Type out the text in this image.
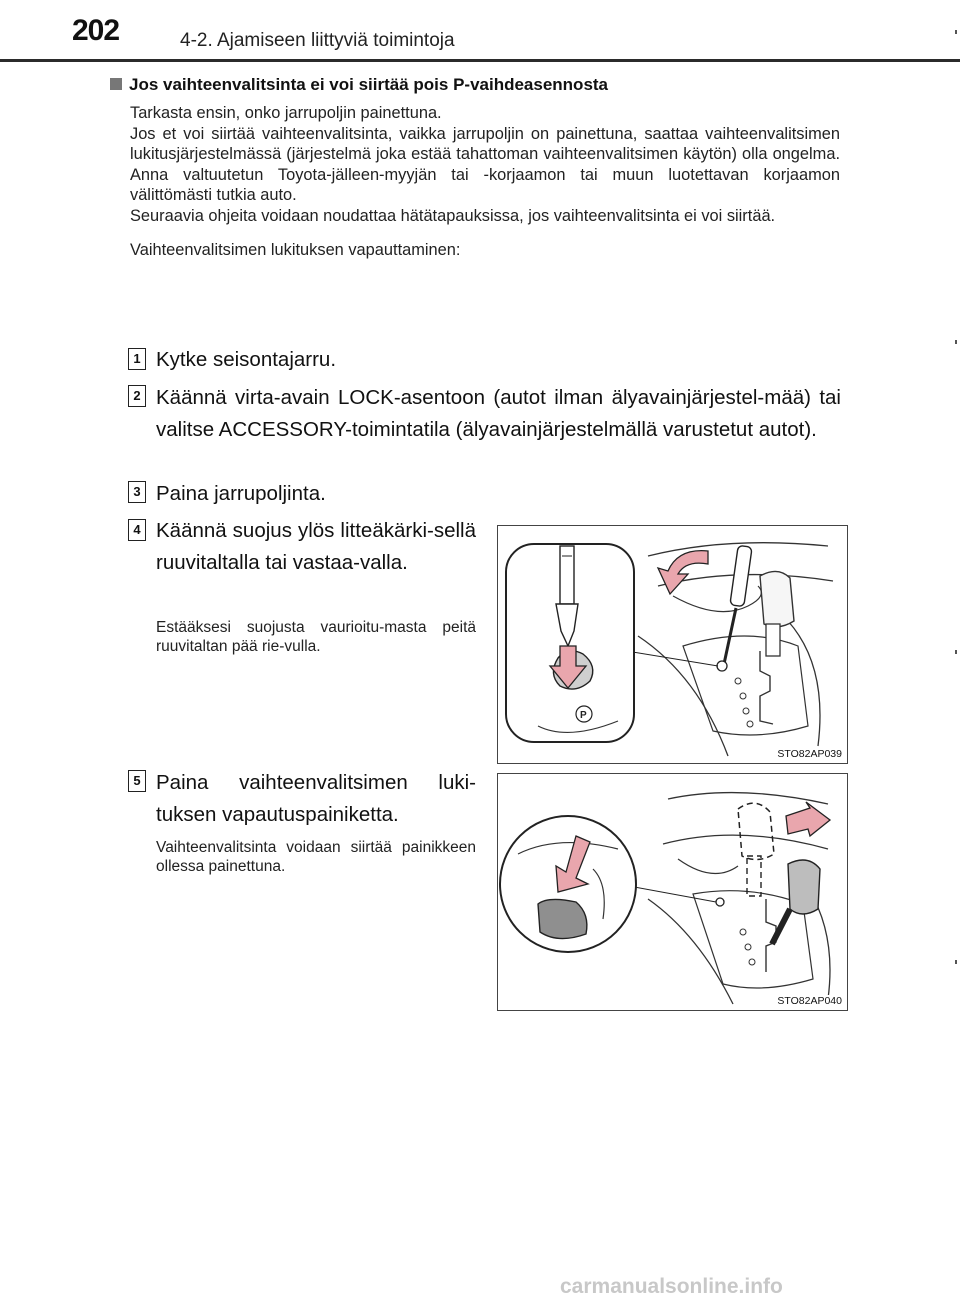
202	4-2. Ajamiseen liittyviä toimintoja
Jos vaihteenvalitsinta ei voi siirtää pois P-vaihdeasennosta

Tarkasta ensin, onko jarrupoljin painettuna.

Jos et voi siirtää vaihteenvalitsinta, vaikka jarrupoljin on painettuna, saattaa vaihteenvalitsimen lukitusjärjestelmässä (järjestelmä joka estää tahattoman vaihteenvalitsimen käytön) olla ongelma. Anna valtuutetun Toyota-jälleen-myyjän tai -korjaamon tai muun luotettavan korjaamon välittömästi tutkia auto.

Seuraavia ohjeita voidaan noudattaa hätätapauksissa, jos vaihteenvalitsinta ei voi siirtää.

Vaihteenvalitsimen lukituksen vapauttaminen:

1 Kytke seisontajarru.
2 Käännä virta-avain LOCK-asentoon (autot ilman älyavainjärjestel-mää) tai valitse ACCESSORY-toimintatila (älyavainjärjestelmällä varustetut autot).
3 Paina jarrupoljinta.
4 Käännä suojus ylös litteäkärki-sellä ruuvitaltalla tai vastaa-valla.
Estääksesi suojusta vaurioitu-masta peitä ruuvitaltan pää rie-vulla.
P
STO82AP039
5 Paina vaihteenvalitsimen luki-tuksen vapautuspainiketta.
Vaihteenvalitsinta voidaan siirtää painikkeen ollessa painettuna.
STO82AP040
carmanualsonline.info
